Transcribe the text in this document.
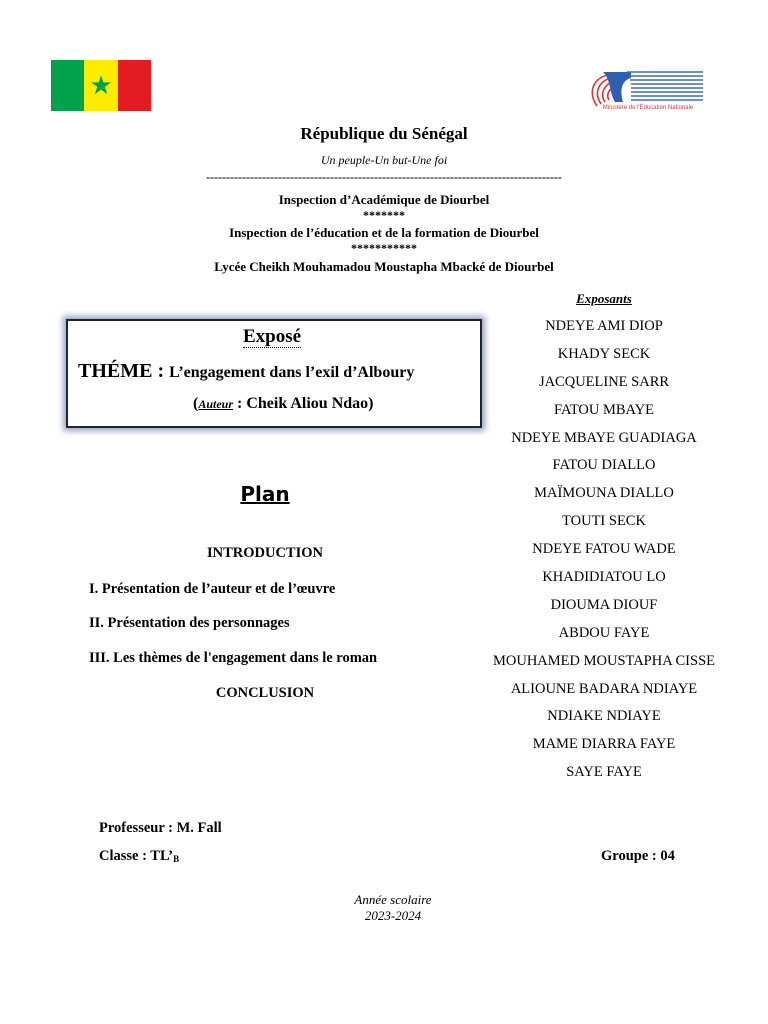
★
Ministère de l'Éducation Nationale
République du Sénégal
Un peuple-Un but-Une foi
-----------------------------------------------------------------------------------------
Inspection d’Académique de Diourbel
*******
Inspection de l’éducation et de la formation de Diourbel
***********
Lycée Cheikh Mouhamadou Moustapha Mbacké de Diourbel
Exposé
THÉME : L’engagement dans l’exil d’Alboury
(Auteur : Cheik Aliou Ndao)
Exposants
NDEYE AMI DIOP
KHADY SECK
JACQUELINE SARR
FATOU MBAYE
NDEYE MBAYE GUADIAGA
FATOU DIALLO
MAÏMOUNA DIALLO
TOUTI SECK
NDEYE FATOU WADE
KHADIDIATOU LO
DIOUMA DIOUF
ABDOU FAYE
MOUHAMED MOUSTAPHA CISSE
ALIOUNE BADARA NDIAYE
NDIAKE NDIAYE
MAME DIARRA FAYE
SAYE FAYE
Plan
INTRODUCTION
I. Présentation de l’auteur et de l’œuvre
II. Présentation des personnages
III. Les thèmes de l'engagement dans le roman
CONCLUSION
Professeur : M. Fall
Classe : $TL’_B$	Groupe : 04
Année scolaire
2023-2024
